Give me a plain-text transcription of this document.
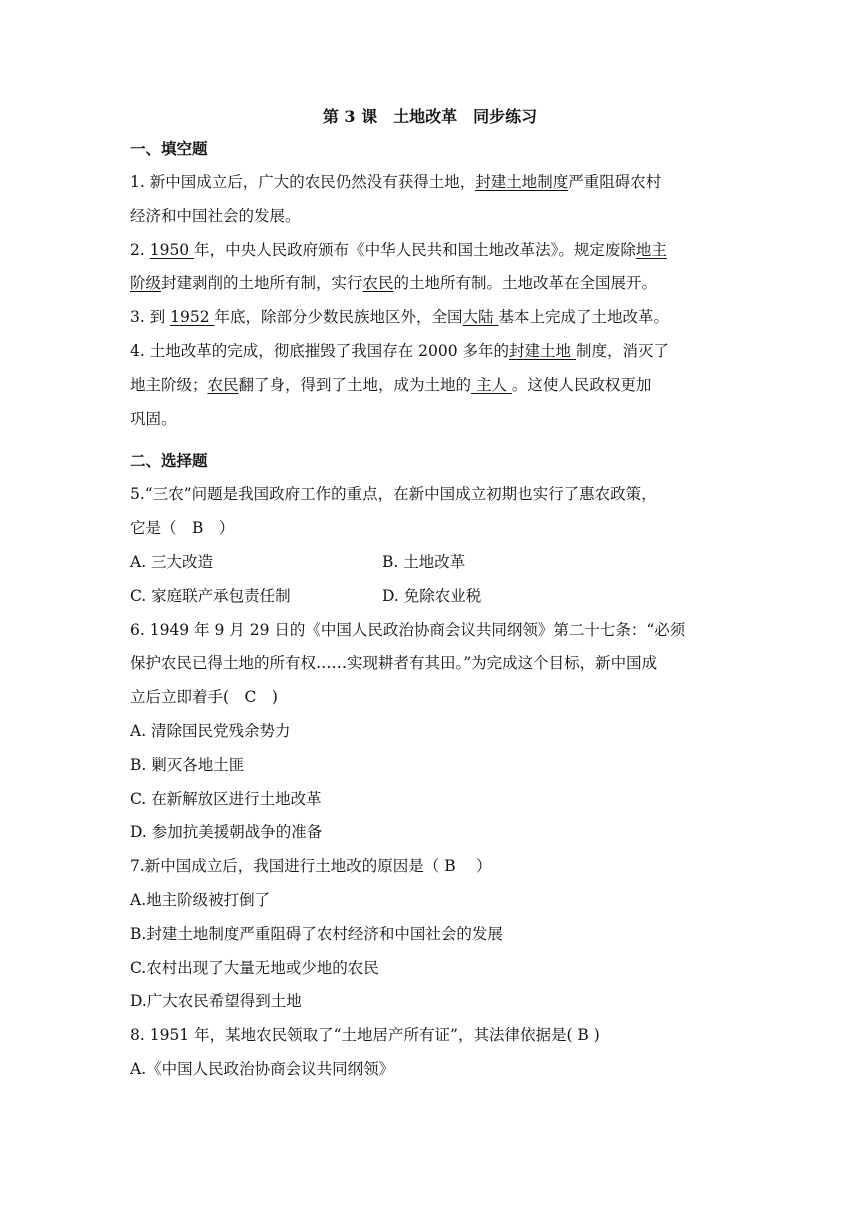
第 3 课　土地改革　同步练习
一、填空题
1. 新中国成立后，广大的农民仍然没有获得土地，封建土地制度严重阻碍农村
经济和中国社会的发展。
2. 1950 年，中央人民政府颁布《中华人民共和国土地改革法》。规定废除地主
阶级封建剥削的土地所有制，实行农民的土地所有制。土地改革在全国展开。
3. 到 1952 年底，除部分少数民族地区外，全国大陆 基本上完成了土地改革。
4. 土地改革的完成，彻底摧毁了我国存在 2000 多年的封建土地 制度，消灭了
地主阶级；农民翻了身，得到了土地，成为土地的 主人 。这使人民政权更加
巩固。
二、选择题
5.“三农”问题是我国政府工作的重点，在新中国成立初期也实行了惠农政策，
它是（　B　）
A. 三大改造	B. 土地改革
C. 家庭联产承包责任制	D. 免除农业税
6. 1949 年 9 月 29 日的《中国人民政治协商会议共同纲领》第二十七条：“必须
保护农民已得土地的所有权……实现耕者有其田。”为完成这个目标，新中国成
立后立即着手(　C　)
A. 清除国民党残余势力
B. 剿灭各地土匪
C. 在新解放区进行土地改革
D. 参加抗美援朝战争的准备
7.新中国成立后，我国进行土地改的原因是（ B　 ）
A.地主阶级被打倒了
B.封建土地制度严重阻碍了农村经济和中国社会的发展
C.农村出现了大量无地或少地的农民
D.广大农民希望得到土地
8. 1951 年，某地农民领取了“土地居产所有证”，其法律依据是( B )
A.《中国人民政治协商会议共同纲领》
